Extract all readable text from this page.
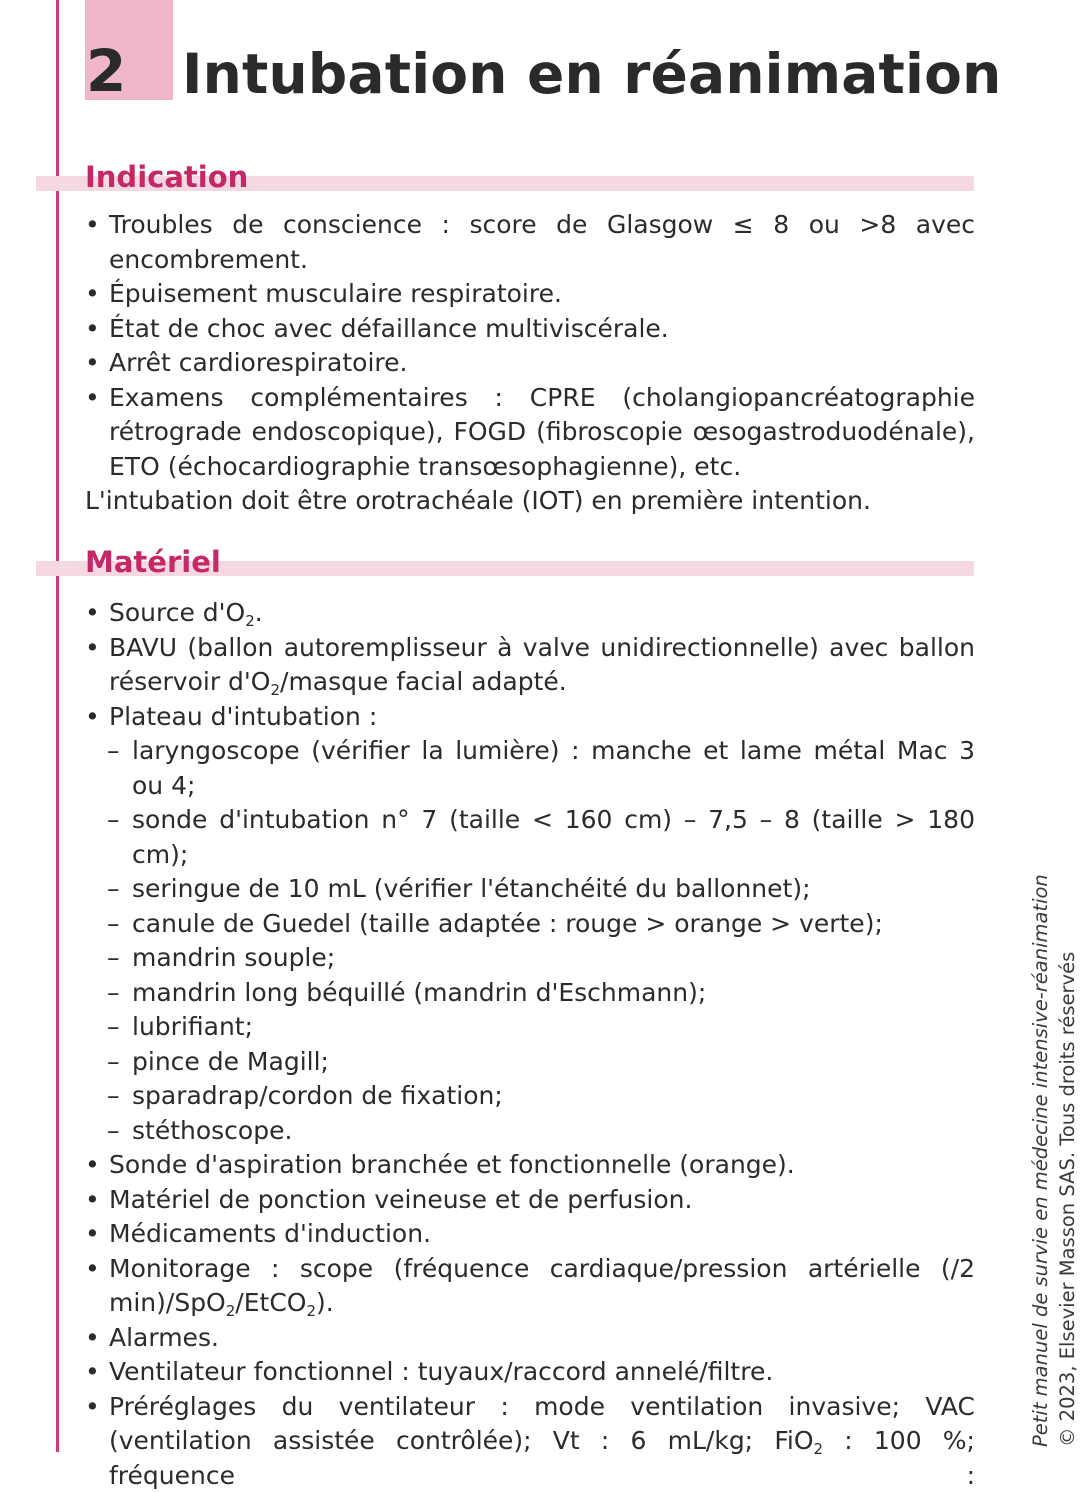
2 Intubation en réanimation
Indication

• Troubles de conscience : score de Glasgow ≤ 8 ou >8 avec encombrement.

• Épuisement musculaire respiratoire.

• État de choc avec défaillance multiviscérale.

• Arrêt cardiorespiratoire.

• Examens complémentaires : CPRE (cholangiopancréatographie rétrograde endoscopique), FOGD (fibroscopie œsogastroduodénale), ETO (échocardiographie transœsophagienne), etc.

L'intubation doit être orotrachéale (IOT) en première intention.

Matériel

• Source $d'O_2$.

• BAVU (ballon autoremplisseur à valve unidirectionnelle) avec ballon réservoir $d'O_2$/masque facial adapté.

• Plateau d'intubation :

– laryngoscope (vérifier la lumière) : manche et lame métal Mac 3 ou 4;

– sonde d'intubation n° 7 (taille < 160 cm) – 7,5 – 8 (taille > 180 cm);

– seringue de 10 mL (vérifier l'étanchéité du ballonnet);

– canule de Guedel (taille adaptée : rouge > orange > verte);

– mandrin souple;

– mandrin long béquillé (mandrin d'Eschmann);

– lubrifiant;

– pince de Magill;

– sparadrap/cordon de fixation;

– stéthoscope.

• Sonde d'aspiration branchée et fonctionnelle (orange).

• Matériel de ponction veineuse et de perfusion.

• Médicaments d'induction.

• Monitorage : scope (fréquence cardiaque/pression artérielle (/2 min)/SpO$_2$/EtCO$_2$).

• Alarmes.

• Ventilateur fonctionnel : tuyaux/raccord annelé/filtre.

• Préréglages du ventilateur : mode ventilation invasive; VAC (ventilation assistée contrôlée); Vt : 6 mL/kg; FiO$_2$ : 100 %; fréquence :

Petit manuel de survie en médecine intensive-réanimation © 2023, Elsevier Masson SAS. Tous droits réservés
